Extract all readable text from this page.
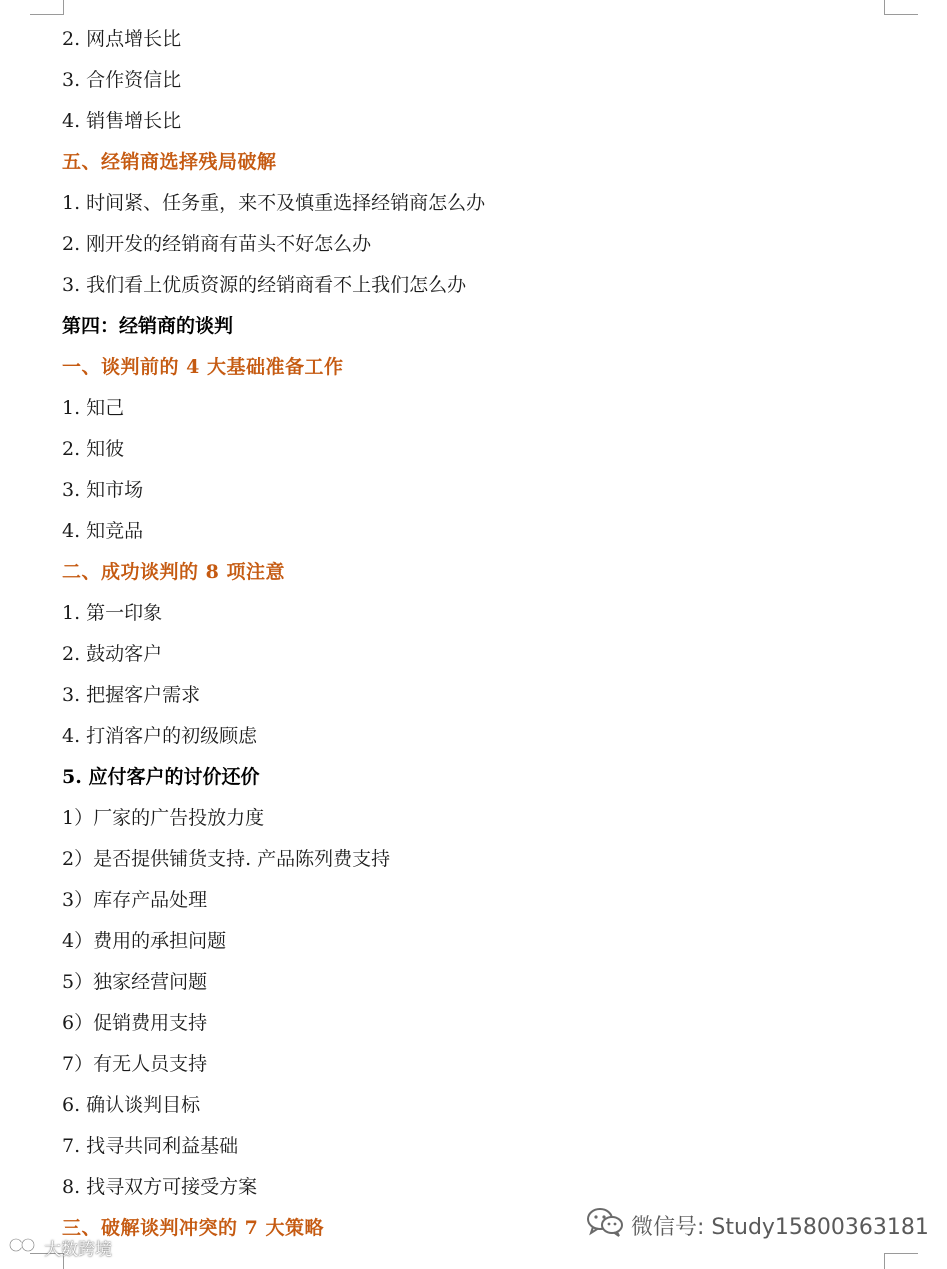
2. 网点增长比
3. 合作资信比
4. 销售增长比
五、经销商选择残局破解
1. 时间紧、任务重，来不及慎重选择经销商怎么办
2. 刚开发的经销商有苗头不好怎么办
3. 我们看上优质资源的经销商看不上我们怎么办
第四：经销商的谈判
一、谈判前的 4 大基础准备工作
1. 知己
2. 知彼
3. 知市场
4. 知竞品
二、成功谈判的 8 项注意
1. 第一印象
2. 鼓动客户
3. 把握客户需求
4. 打消客户的初级顾虑
5. 应付客户的讨价还价
1）厂家的广告投放力度
2）是否提供铺货支持. 产品陈列费支持
3）库存产品处理
4）费用的承担问题
5）独家经营问题
6）促销费用支持
7）有无人员支持
6. 确认谈判目标
7. 找寻共同利益基础
8. 找寻双方可接受方案
三、破解谈判冲突的 7 大策略	微信号: Study15800363181
大数跨境
